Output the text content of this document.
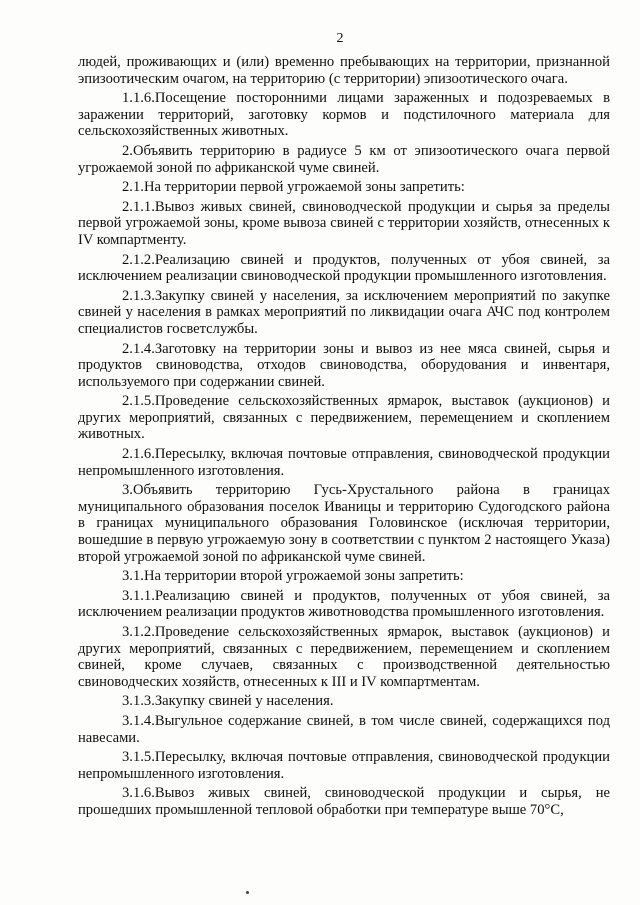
2

людей, проживающих и (или) временно пребывающих на территории, признанной эпизоотическим очагом, на территорию (с территории) эпизоотического очага.

1.1.6.Посещение посторонними лицами зараженных и подозреваемых в заражении территорий, заготовку кормов и подстилочного материала для сельскохозяйственных животных.

2.Объявить территорию в радиусе 5 км от эпизоотического очага первой угрожаемой зоной по африканской чуме свиней.

2.1.На территории первой угрожаемой зоны запретить:

2.1.1.Вывоз живых свиней, свиноводческой продукции и сырья за пределы первой угрожаемой зоны, кроме вывоза свиней с территории хозяйств, отнесенных к IV компартменту.

2.1.2.Реализацию свиней и продуктов, полученных от убоя свиней, за исключением реализации свиноводческой продукции промышленного изготовления.

2.1.3.Закупку свиней у населения, за исключением мероприятий по закупке свиней у населения в рамках мероприятий по ликвидации очага АЧС под контролем специалистов госветслужбы.

2.1.4.Заготовку на территории зоны и вывоз из нее мяса свиней, сырья и продуктов свиноводства, отходов свиноводства, оборудования и инвентаря, используемого при содержании свиней.

2.1.5.Проведение сельскохозяйственных ярмарок, выставок (аукционов) и других мероприятий, связанных с передвижением, перемещением и скоплением животных.

2.1.6.Пересылку, включая почтовые отправления, свиноводческой продукции непромышленного изготовления.

3.Объявить территорию Гусь-Хрустального района в границах муниципального образования поселок Иваницы и территорию Судогодского района в границах муниципального образования Головинское (исключая территории, вошедшие в первую угрожаемую зону в соответствии с пунктом 2 настоящего Указа) второй угрожаемой зоной по африканской чуме свиней.

3.1.На территории второй угрожаемой зоны запретить:

3.1.1.Реализацию свиней и продуктов, полученных от убоя свиней, за исключением реализации продуктов животноводства промышленного изготовления.

3.1.2.Проведение сельскохозяйственных ярмарок, выставок (аукционов) и других мероприятий, связанных с передвижением, перемещением и скоплением свиней, кроме случаев, связанных с производственной деятельностью свиноводческих хозяйств, отнесенных к III и IV компартментам.

3.1.3.Закупку свиней у населения.

3.1.4.Выгульное содержание свиней, в том числе свиней, содержащихся под навесами.

3.1.5.Пересылку, включая почтовые отправления, свиноводческой продукции непромышленного изготовления.

3.1.6.Вывоз живых свиней, свиноводческой продукции и сырья, не прошедших промышленной тепловой обработки при температуре выше 70°С,
